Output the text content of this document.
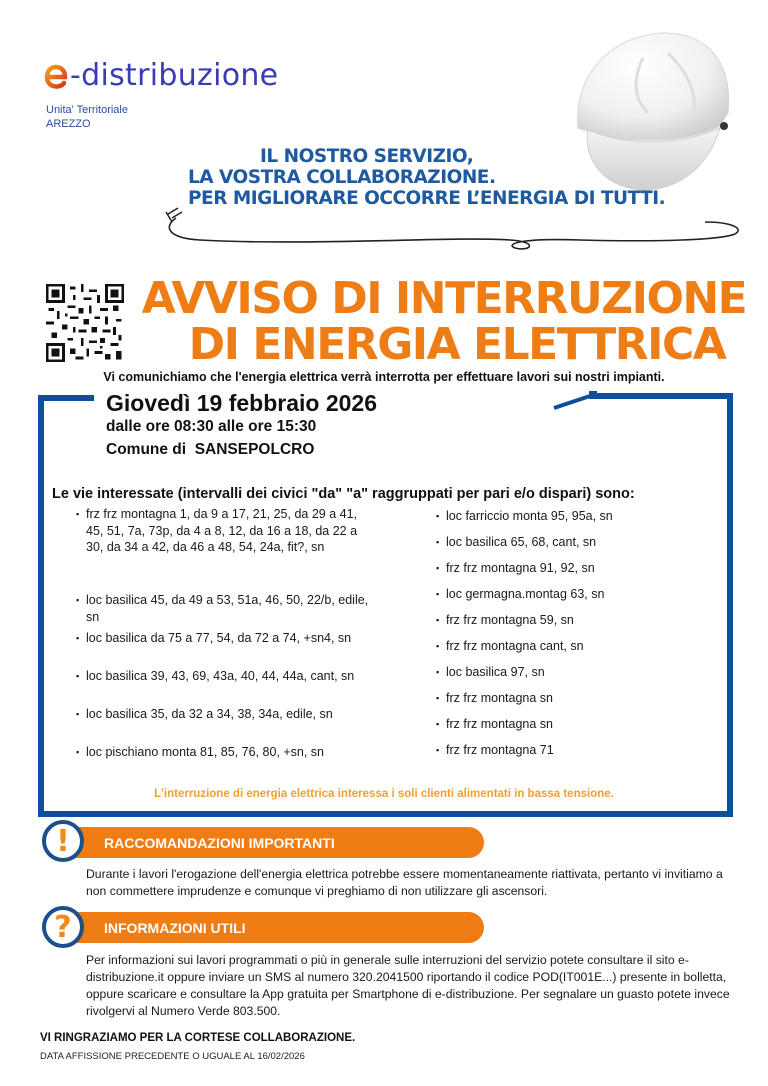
-distribuzione
Unita' Territoriale
AREZZO
IL NOSTRO SERVIZIO,
LA VOSTRA COLLABORAZIONE.
PER MIGLIORARE OCCORRE L’ENERGIA DI TUTTI.
AVVISO DI INTERRUZIONE
DI ENERGIA ELETTRICA
Vi comunichiamo che l'energia elettrica verrà interrotta per effettuare lavori sui nostri impianti.
Giovedì 19 febbraio 2026
dalle ore 08:30 alle ore 15:30
Comune di  SANSEPOLCRO
Le vie interessate (intervalli dei civici "da" "a" raggruppati per pari e/o dispari) sono:
▪ frz frz montagna 1, da 9 a 17, 21, 25, da 29 a 41, 45, 51, 7a, 73p, da 4 a 8, 12, da 16 a 18, da 22 a 30, da 34 a 42, da 46 a 48, 54, 24a, fit?, sn
▪ loc basilica 45, da 49 a 53, 51a, 46, 50, 22/b, edile, sn
▪ loc basilica da 75 a 77, 54, da 72 a 74, +sn4, sn
▪ loc basilica 39, 43, 69, 43a, 40, 44, 44a, cant, sn
▪ loc basilica 35, da 32 a 34, 38, 34a, edile, sn
▪ loc pischiano monta 81, 85, 76, 80, +sn, sn
▪ loc farriccio monta 95, 95a, sn
▪ loc basilica 65, 68, cant, sn
▪ frz frz montagna 91, 92, sn
▪ loc germagna.montag 63, sn
▪ frz frz montagna 59, sn
▪ frz frz montagna cant, sn
▪ loc basilica 97, sn
▪ frz frz montagna sn
▪ frz frz montagna sn
▪ frz frz montagna 71
L'interruzione di energia elettrica interessa i soli clienti alimentati in bassa tensione.
!	RACCOMANDAZIONI IMPORTANTI
Durante i lavori l'erogazione dell'energia elettrica potrebbe essere momentaneamente riattivata, pertanto vi invitiamo a non commettere imprudenze e comunque vi preghiamo di non utilizzare gli ascensori.
?	INFORMAZIONI UTILI
Per informazioni sui lavori programmati o più in generale sulle interruzioni del servizio potete consultare il sito e-distribuzione.it oppure inviare un SMS al numero 320.2041500 riportando il codice POD(IT001E...) presente in bolletta, oppure scaricare e consultare la App gratuita per Smartphone di e-distribuzione. Per segnalare un guasto potete invece rivolgervi al Numero Verde 803.500.
VI RINGRAZIAMO PER LA CORTESE COLLABORAZIONE.
DATA AFFISSIONE PRECEDENTE O UGUALE AL 16/02/2026
